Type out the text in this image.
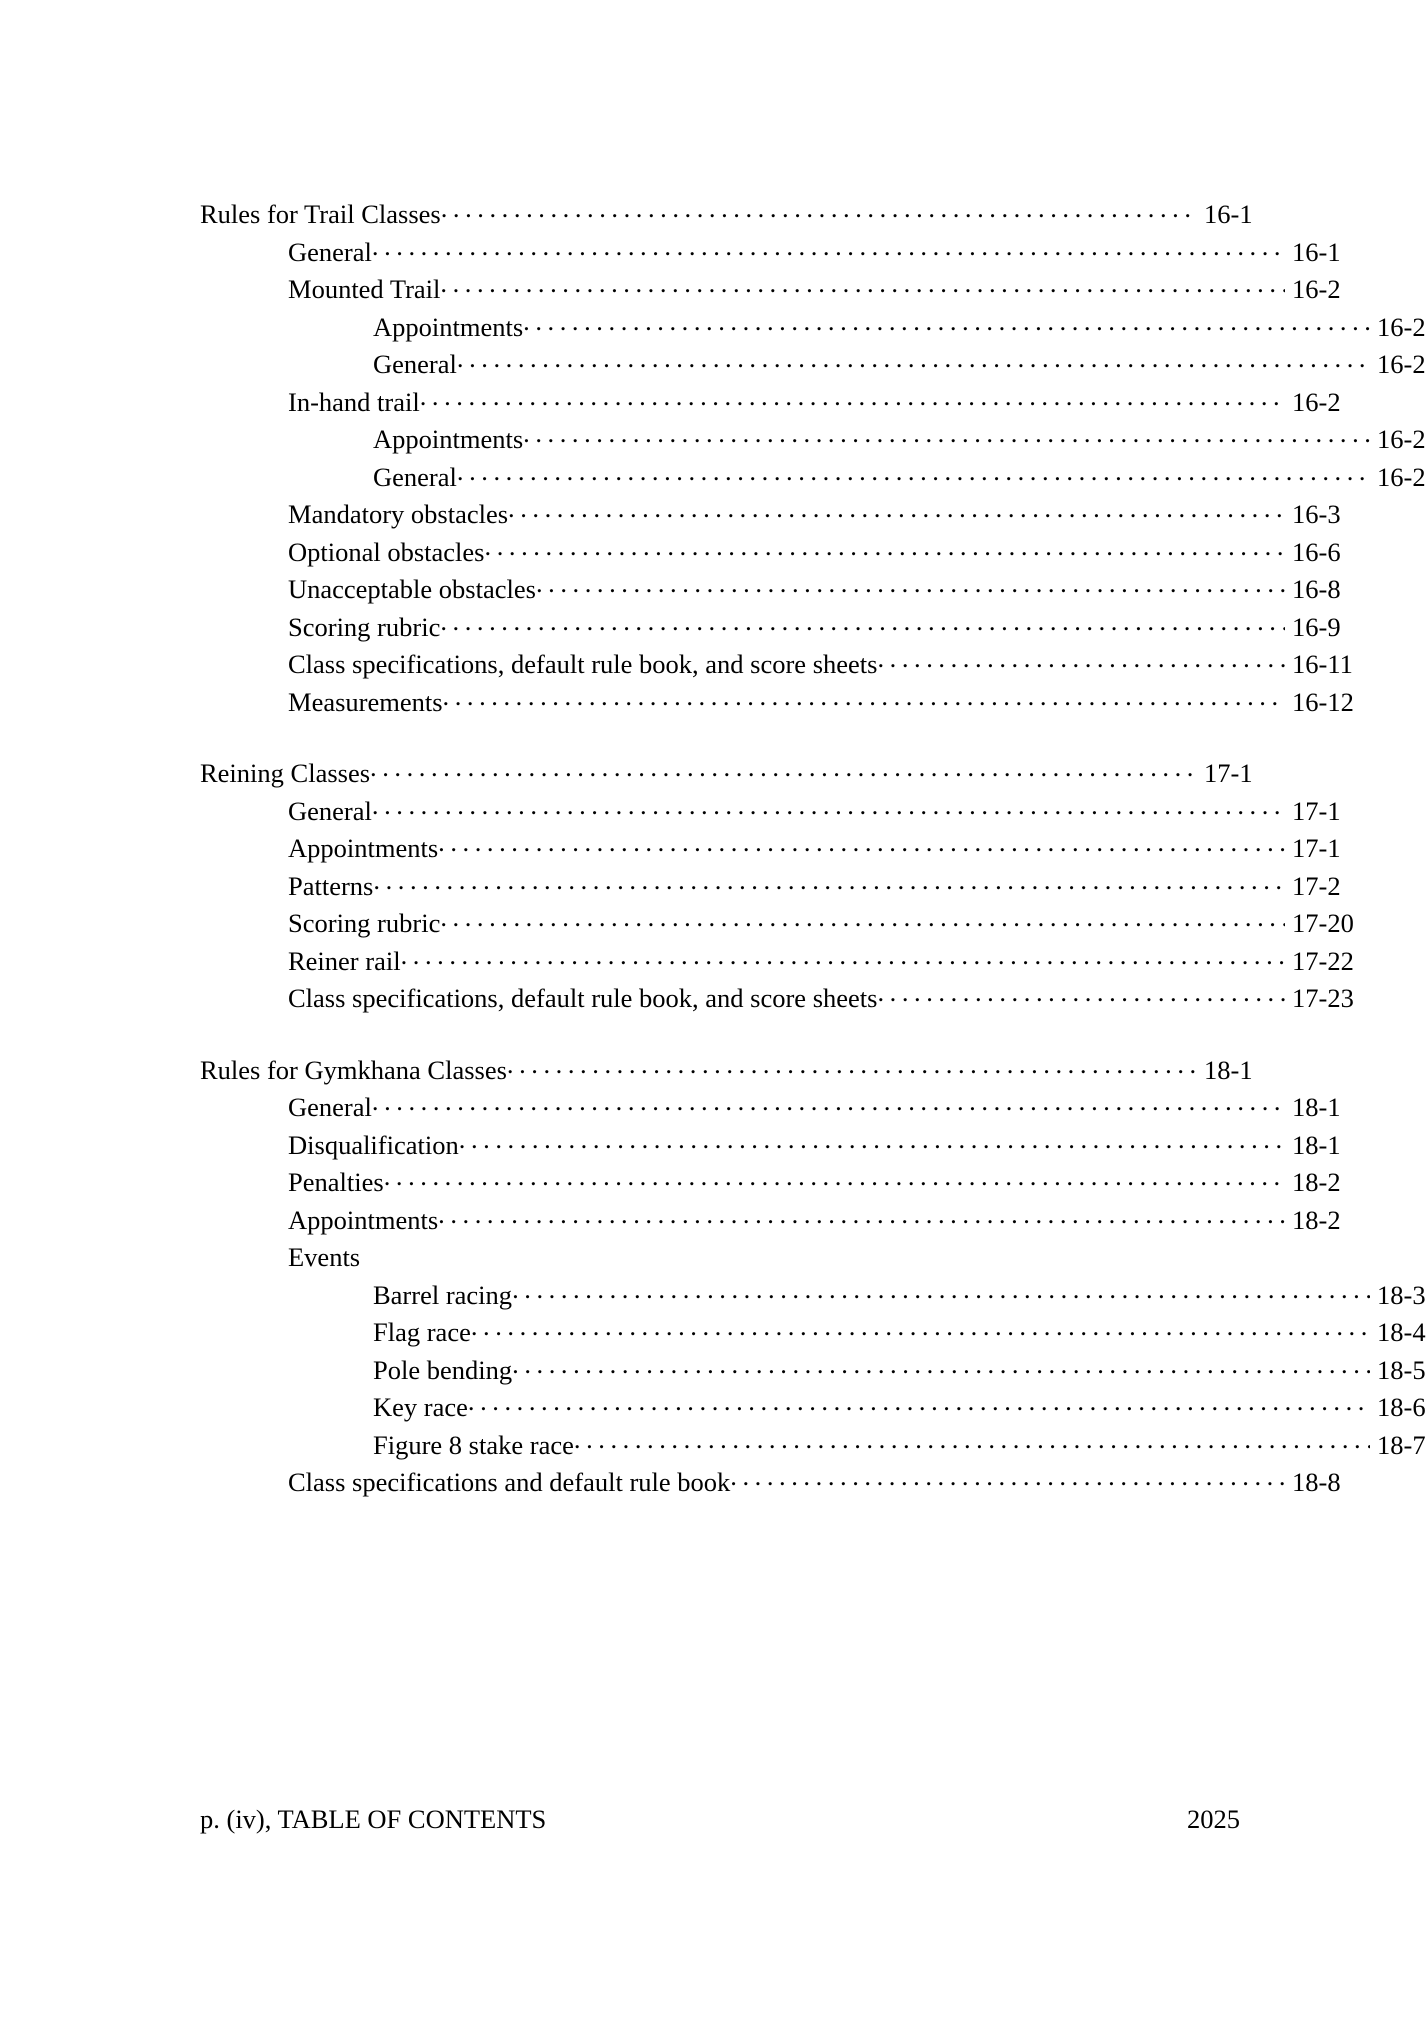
Rules for Trail Classes . . .	16-1
General . . .	16-1
Mounted Trail . . .	16-2
Appointments . . .	16-2
General . . .	16-2
In-hand trail . . .	16-2
Appointments . . .	16-2
General . . .	16-2
Mandatory obstacles . . .	16-3
Optional obstacles . . .	16-6
Unacceptable obstacles . . .	16-8
Scoring rubric . . .	16-9
Class specifications, default rule book, and score sheets . . .	16-11
Measurements . . .	16-12
Reining Classes . . .	17-1
General . . .	17-1
Appointments . . .	17-1
Patterns . . .	17-2
Scoring rubric . . .	17-20
Reiner rail . . .	17-22
Class specifications, default rule book, and score sheets . . .	17-23
Rules for Gymkhana Classes . . .	18-1
General . . .	18-1
Disqualification . . .	18-1
Penalties . . .	18-2
Appointments . . .	18-2
Events
Barrel racing . . .	18-3
Flag race . . .	18-4
Pole bending . . .	18-5
Key race . . .	18-6
Figure 8 stake race . . .	18-7
Class specifications and default rule book . . .	18-8
p. (iv), TABLE OF CONTENTS	2025
